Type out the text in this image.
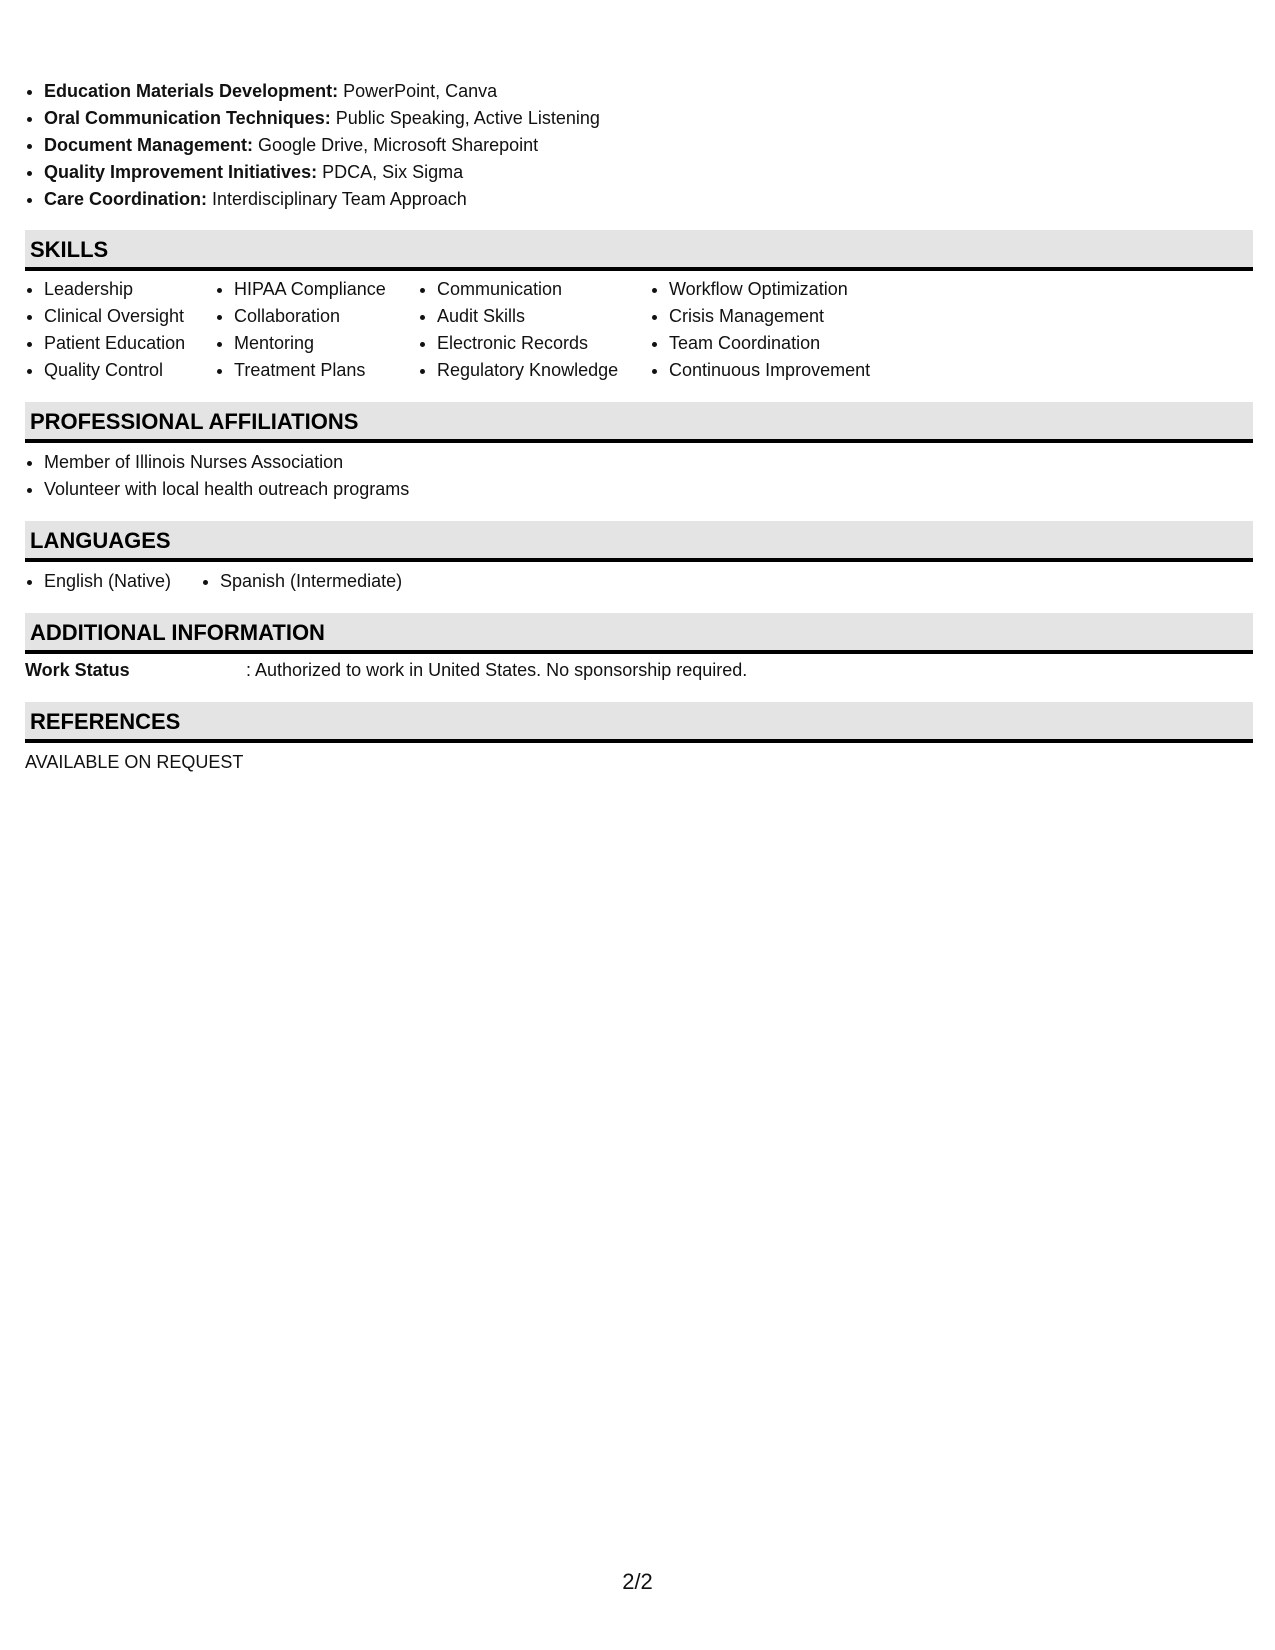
• Education Materials Development: PowerPoint, Canva
• Oral Communication Techniques: Public Speaking, Active Listening
• Document Management: Google Drive, Microsoft Sharepoint
• Quality Improvement Initiatives: PDCA, Six Sigma
• Care Coordination: Interdisciplinary Team Approach
SKILLS
• Leadership
• Clinical Oversight
• Patient Education
• Quality Control
• HIPAA Compliance
• Collaboration
• Mentoring
• Treatment Plans
• Communication
• Audit Skills
• Electronic Records
• Regulatory Knowledge
• Workflow Optimization
• Crisis Management
• Team Coordination
• Continuous Improvement
PROFESSIONAL AFFILIATIONS
• Member of Illinois Nurses Association
• Volunteer with local health outreach programs
LANGUAGES
• English (Native)
•	Spanish (Intermediate)
ADDITIONAL INFORMATION
Work Status	: Authorized to work in United States. No sponsorship required.
REFERENCES
AVAILABLE ON REQUEST
2/2
